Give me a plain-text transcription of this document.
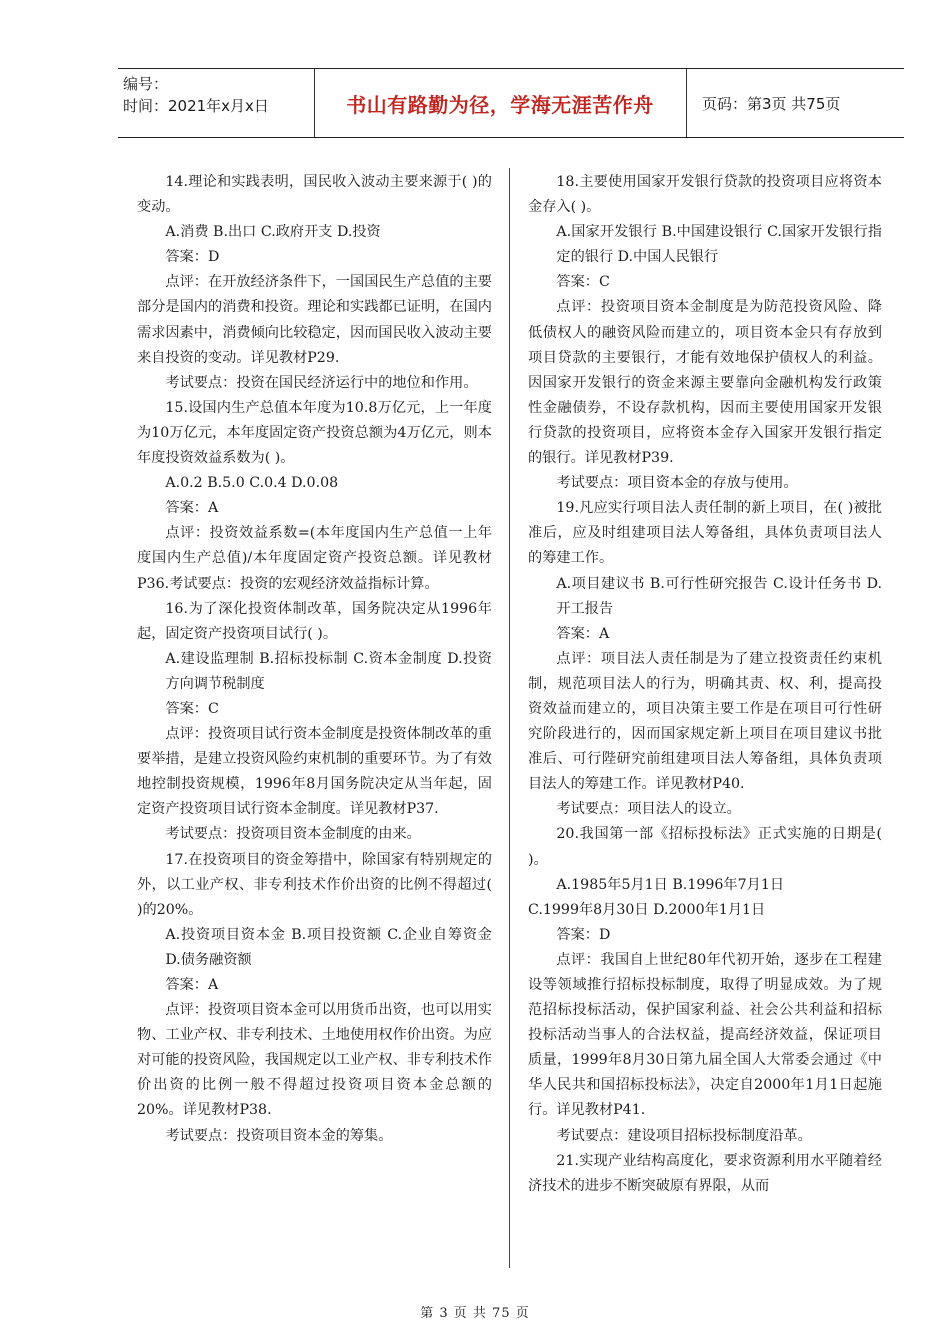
编号：
时间：2021年x月x日	书山有路勤为径，学海无涯苦作舟	页码：第3页 共75页

14.理论和实践表明，国民收入波动主要来源于( )的变动。

A.消费 B.出口 C.政府开支 D.投资

答案：D

点评：在开放经济条件下，一国国民生产总值的主要部分是国内的消费和投资。理论和实践都已证明，在国内需求因素中，消费倾向比较稳定，因而国民收入波动主要来自投资的变动。详见教材P29.

考试要点：投资在国民经济运行中的地位和作用。

15.设国内生产总值本年度为10.8万亿元，上一年度为10万亿元，本年度固定资产投资总额为4万亿元，则本年度投资效益系数为( )。

A.0.2 B.5.0 C.0.4 D.0.08

答案：A

点评：投资效益系数=(本年度国内生产总值一上年度国内生产总值)/本年度固定资产投资总额。详见教材P36.考试要点：投资的宏观经济效益指标计算。

16.为了深化投资体制改革，国务院决定从1996年起，固定资产投资项目试行( )。

A.建设监理制 B.招标投标制 C.资本金制度 D.投资方向调节税制度

答案：C

点评：投资项目试行资本金制度是投资体制改革的重要举措，是建立投资风险约束机制的重要环节。为了有效地控制投资规模，1996年8月国务院决定从当年起，固定资产投资项目试行资本金制度。详见教材P37.

考试要点：投资项目资本金制度的由来。

17.在投资项目的资金筹措中，除国家有特别规定的外，以工业产权、非专利技术作价出资的比例不得超过( )的20%。

A.投资项目资本金 B.项目投资额 C.企业自筹资金 D.债务融资额

答案：A

点评：投资项目资本金可以用货币出资，也可以用实物、工业产权、非专利技术、土地使用权作价出资。为应对可能的投资风险，我国规定以工业产权、非专利技术作价出资的比例一般不得超过投资项目资本金总额的20%。详见教材P38.

考试要点：投资项目资本金的筹集。

18.主要使用国家开发银行贷款的投资项目应将资本金存入( )。

A.国家开发银行 B.中国建设银行 C.国家开发银行指定的银行 D.中国人民银行

答案：C

点评：投资项目资本金制度是为防范投资风险、降低债权人的融资风险而建立的，项目资本金只有存放到项目贷款的主要银行，才能有效地保护债权人的利益。因国家开发银行的资金来源主要靠向金融机构发行政策性金融债券，不设存款机构，因而主要使用国家开发银行贷款的投资项目，应将资本金存入国家开发银行指定的银行。详见教材P39.

考试要点：项目资本金的存放与使用。

19.凡应实行项目法人责任制的新上项目，在( )被批准后，应及时组建项目法人筹备组，具体负责项目法人的筹建工作。

A.项目建议书 B.可行性研究报告 C.设计任务书 D.开工报告

答案：A

点评：项目法人责任制是为了建立投资责任约束机制，规范项目法人的行为，明确其责、权、利，提高投资效益而建立的，项目决策主要工作是在项目可行性研究阶段进行的，因而国家规定新上项目在项目建议书批准后、可行陛研究前组建项目法人筹备组，具体负责项目法人的筹建工作。详见教材P40.

考试要点：项目法人的设立。

20.我国第一部《招标投标法》正式实施的日期是( )。

A.1985年5月1日 B.1996年7月1日

C.1999年8月30日 D.2000年1月1日

答案：D

点评：我国自上世纪80年代初开始，逐步在工程建设等领域推行招标投标制度，取得了明显成效。为了规范招标投标活动，保护国家利益、社会公共利益和招标投标活动当事人的合法权益，提高经济效益，保证项目质量，1999年8月30日第九届全国人大常委会通过《中华人民共和国招标投标法》，决定自2000年1月1日起施行。详见教材P41.

考试要点：建设项目招标投标制度沿革。

21.实现产业结构高度化，要求资源利用水平随着经济技术的进步不断突破原有界限，从而

第 3 页 共 75 页
